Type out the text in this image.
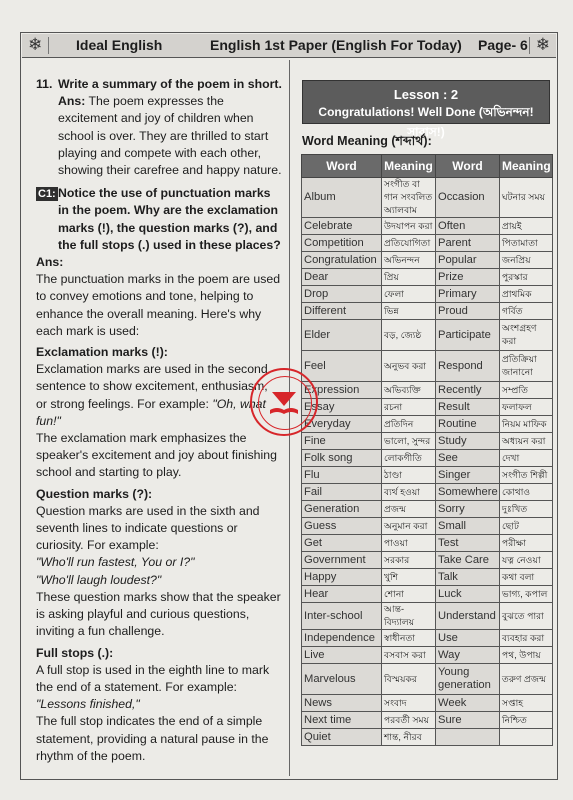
❄ Ideal English	English 1st Paper (English For Today) Page- 6 ❄
11. Write a summary of the poem in short.

Ans: The poem expresses the excitement and joy of children when school is over. They are thrilled to start playing and compete with each other, showing their carefree and happy nature.

C1: Notice the use of punctuation marks in the poem. Why are the exclamation marks (!), the question marks (?), and the full stops (.) used in these places?

Ans:

The punctuation marks in the poem are used to convey emotions and tone, helping to enhance the overall meaning. Here's why each mark is used:

Exclamation marks (!):

Exclamation marks are used in the second sentence to show excitement, enthusiasm, or strong feelings. For example: "Oh, what fun!"

The exclamation mark emphasizes the speaker's excitement and joy about finishing school and starting to play.

Question marks (?):

Question marks are used in the sixth and seventh lines to indicate questions or curiosity. For example:

"Who'll run fastest, You or I?"

"Who'll laugh loudest?"

These question marks show that the speaker is asking playful and curious questions, inviting a fun challenge.

Full stops (.):

A full stop is used in the eighth line to mark the end of a statement. For example:

"Lessons finished,"

The full stop indicates the end of a simple statement, providing a natural pause in the rhythm of the poem.

Lesson : 2
Congratulations! Well Done (অভিনন্দন! সাবাস!)
Word Meaning (শব্দার্থ):
Word	Meaning	Word	Meaning
Album	সংগীত বা গান সংবলিত অ্যালবাম	Occasion	ঘটনার সময়
Celebrate	উদযাপন করা	Often	প্রায়ই
Competition	প্রতিযোগিতা	Parent	পিতামাতা
Congratulation	অভিনন্দন	Popular	জনপ্রিয়
Dear	প্রিয়	Prize	পুরস্কার
Drop	ফেলা	Primary	প্রাথমিক
Different	ভিন্ন	Proud	গর্বিত
Elder	বড়, জ্যেষ্ঠ	Participate	অংশগ্রহণ করা
Feel	অনুভব করা	Respond	প্রতিক্রিয়া জানানো
Expression	অভিব্যক্তি	Recently	সম্প্রতি
Essay	রচনা	Result	ফলাফল
Everyday	প্রতিদিন	Routine	নিয়ম মাফিক
Fine	ভালো, সুন্দর	Study	অধ্যয়ন করা
Folk song	লোকগীতি	See	দেখা
Flu	ঠাণ্ডা	Singer	সংগীত শিল্পী
Fail	ব্যর্থ হওয়া	Somewhere	কোথাও
Generation	প্রজন্ম	Sorry	দুঃখিত
Guess	অনুমান করা	Small	ছোট
Get	পাওয়া	Test	পরীক্ষা
Government	সরকার	Take Care	যত্ন নেওয়া
Happy	খুশি	Talk	কথা বলা
Hear	শোনা	Luck	ভাগ্য, কপাল
Inter-school	আন্ত-বিদ্যালয়	Understand	বুঝতে পারা
Independence	স্বাধীনতা	Use	ব্যবহার করা
Live	বসবাস করা	Way	পথ, উপায়
Marvelous	বিস্ময়কর	Young generation	তরুণ প্রজন্ম
News	সংবাদ	Week	সপ্তাহ
Next time	পরবর্তী সময়	Sure	নিশ্চিত
Quiet	শান্ত, নীরব		
